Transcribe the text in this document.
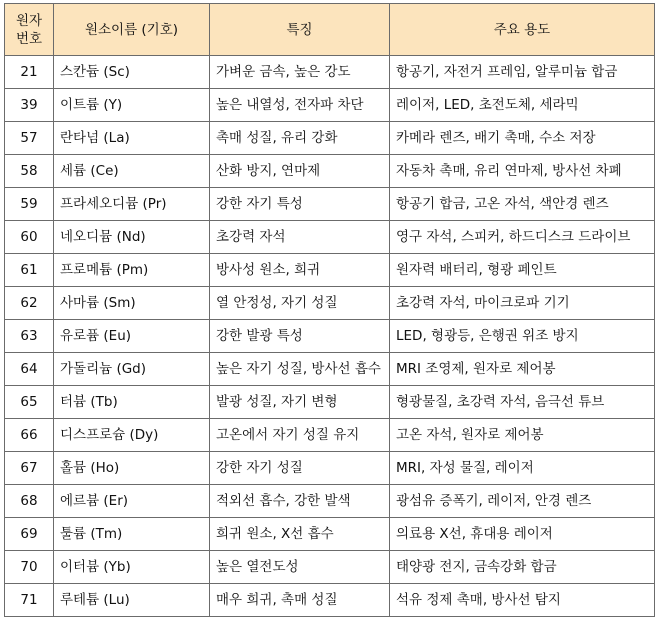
원자
번호	원소이름 (기호)	특징	주요 용도
21	스칸듐 (Sc)	가벼운 금속, 높은 강도	항공기, 자전거 프레임, 알루미늄 합금
39	이트륨 (Y)	높은 내열성, 전자파 차단	레이저, LED, 초전도체, 세라믹
57	란타넘 (La)	촉매 성질, 유리 강화	카메라 렌즈, 배기 촉매, 수소 저장
58	세륨 (Ce)	산화 방지, 연마제	자동차 촉매, 유리 연마제, 방사선 차폐
59	프라세오디뮴 (Pr)	강한 자기 특성	항공기 합금, 고온 자석, 색안경 렌즈
60	네오디뮴 (Nd)	초강력 자석	영구 자석, 스피커, 하드디스크 드라이브
61	프로메튬 (Pm)	방사성 원소, 희귀	원자력 배터리, 형광 페인트
62	사마륨 (Sm)	열 안정성, 자기 성질	초강력 자석, 마이크로파 기기
63	유로퓸 (Eu)	강한 발광 특성	LED, 형광등, 은행권 위조 방지
64	가돌리늄 (Gd)	높은 자기 성질, 방사선 흡수	MRI 조영제, 원자로 제어봉
65	터븀 (Tb)	발광 성질, 자기 변형	형광물질, 초강력 자석, 음극선 튜브
66	디스프로슘 (Dy)	고온에서 자기 성질 유지	고온 자석, 원자로 제어봉
67	홀뮴 (Ho)	강한 자기 성질	MRI, 자성 물질, 레이저
68	에르븀 (Er)	적외선 흡수, 강한 발색	광섬유 증폭기, 레이저, 안경 렌즈
69	툴륨 (Tm)	희귀 원소, X선 흡수	의료용 X선, 휴대용 레이저
70	이터븀 (Yb)	높은 열전도성	태양광 전지, 금속강화 합금
71	루테튬 (Lu)	매우 희귀, 촉매 성질	석유 정제 촉매, 방사선 탐지
